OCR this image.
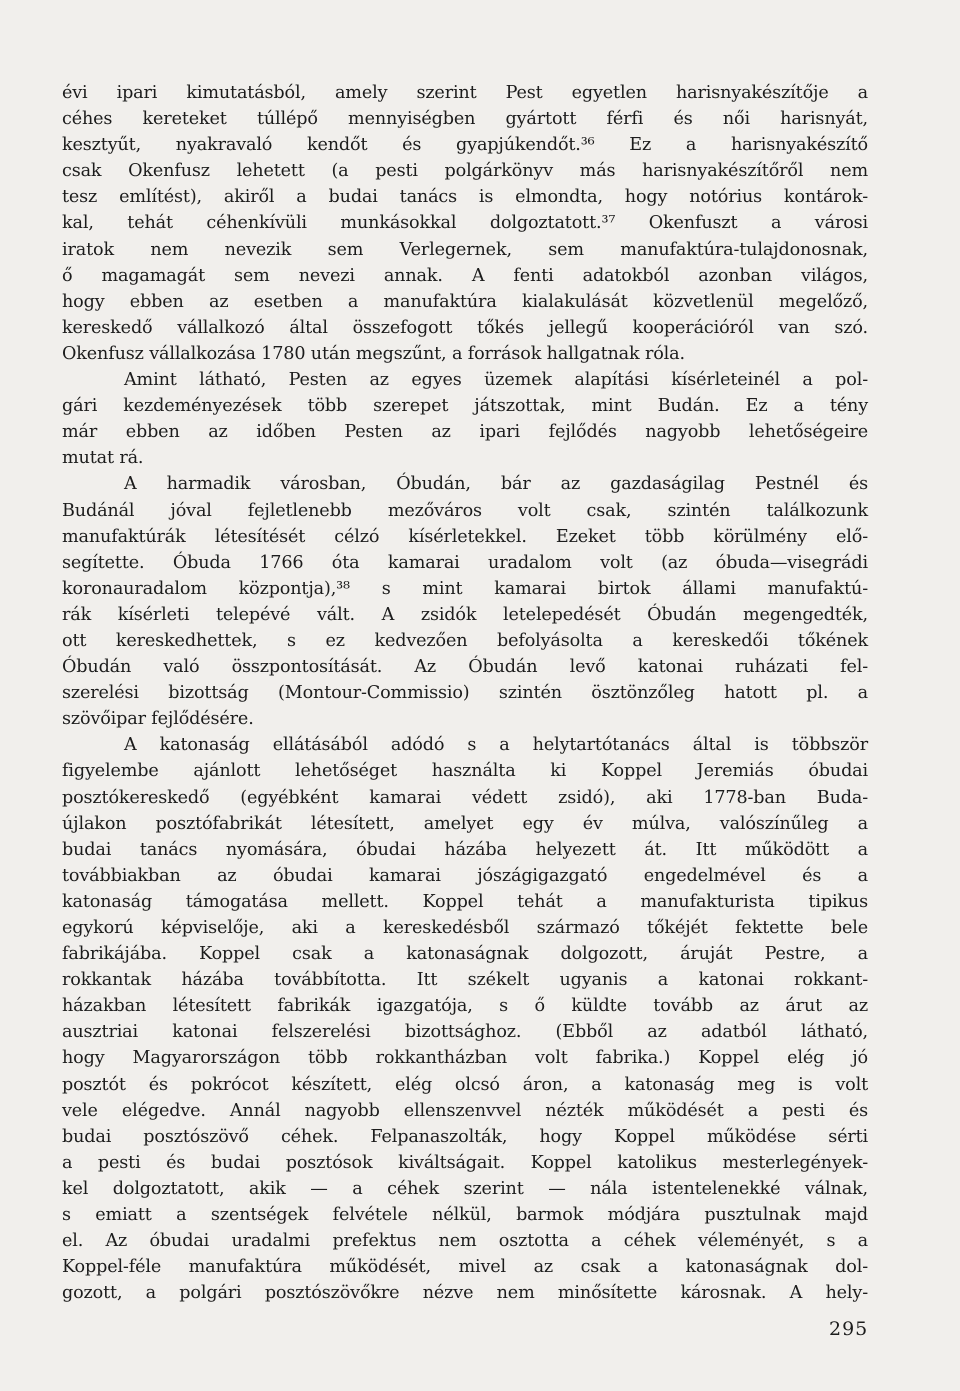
évi ipari kimutatásból, amely szerint Pest egyetlen harisnyakészítője a
céhes kereteket túllépő mennyiségben gyártott férfi és női harisnyát,
kesztyűt, nyakravaló kendőt és gyapjúkendőt.³⁶ Ez a harisnyakészítő
csak Okenfusz lehetett (a pesti polgárkönyv más harisnyakészítőről nem
tesz említést), akiről a budai tanács is elmondta, hogy notórius kontárok-
kal, tehát céhenkívüli munkásokkal dolgoztatott.³⁷ Okenfuszt a városi
iratok nem nevezik sem Verlegernek, sem manufaktúra-tulajdonosnak,
ő magamagát sem nevezi annak. A fenti adatokból azonban világos,
hogy ebben az esetben a manufaktúra kialakulását közvetlenül megelőző,
kereskedő vállalkozó által összefogott tőkés jellegű kooperációról van szó.
Okenfusz vállalkozása 1780 után megszűnt, a források hallgatnak róla.
Amint látható, Pesten az egyes üzemek alapítási kísérleteinél a pol-
gári kezdeményezések több szerepet játszottak, mint Budán. Ez a tény
már ebben az időben Pesten az ipari fejlődés nagyobb lehetőségeire
mutat rá.
A harmadik városban, Óbudán, bár az gazdaságilag Pestnél és
Budánál jóval fejletlenebb mezőváros volt csak, szintén találkozunk
manufaktúrák létesítését célzó kísérletekkel. Ezeket több körülmény elő-
segítette. Óbuda 1766 óta kamarai uradalom volt (az óbuda—visegrádi
koronauradalom központja),³⁸ s mint kamarai birtok állami manufaktú-
rák kísérleti telepévé vált. A zsidók letelepedését Óbudán megengedték,
ott kereskedhettek, s ez kedvezően befolyásolta a kereskedői tőkének
Óbudán való összpontosítását. Az Óbudán levő katonai ruházati fel-
szerelési bizottság (Montour-Commissio) szintén ösztönzőleg hatott pl. a
szövőipar fejlődésére.
A katonaság ellátásából adódó s a helytartótanács által is többször
figyelembe ajánlott lehetőséget használta ki Koppel Jeremiás óbudai
posztókereskedő (egyébként kamarai védett zsidó), aki 1778-ban Buda-
újlakon posztófabrikát létesített, amelyet egy év múlva, valószínűleg a
budai tanács nyomására, óbudai házába helyezett át. Itt működött a
továbbiakban az óbudai kamarai jószágigazgató engedelmével és a
katonaság támogatása mellett. Koppel tehát a manufakturista tipikus
egykorú képviselője, aki a kereskedésből származó tőkéjét fektette bele
fabrikájába. Koppel csak a katonaságnak dolgozott, áruját Pestre, a
rokkantak házába továbbította. Itt székelt ugyanis a katonai rokkant-
házakban létesített fabrikák igazgatója, s ő küldte tovább az árut az
ausztriai katonai felszerelési bizottsághoz. (Ebből az adatból látható,
hogy Magyarországon több rokkantházban volt fabrika.) Koppel elég jó
posztót és pokrócot készített, elég olcsó áron, a katonaság meg is volt
vele elégedve. Annál nagyobb ellenszenvvel nézték működését a pesti és
budai posztószövő céhek. Felpanaszolták, hogy Koppel működése sérti
a pesti és budai posztósok kiváltságait. Koppel katolikus mesterlegények-
kel dolgoztatott, akik — a céhek szerint — nála istentelenekké válnak,
s emiatt a szentségek felvétele nélkül, barmok módjára pusztulnak majd
el. Az óbudai uradalmi prefektus nem osztotta a céhek véleményét, s a
Koppel-féle manufaktúra működését, mivel az csak a katonaságnak dol-
gozott, a polgári posztószövőkre nézve nem minősítette károsnak. A hely-
295
